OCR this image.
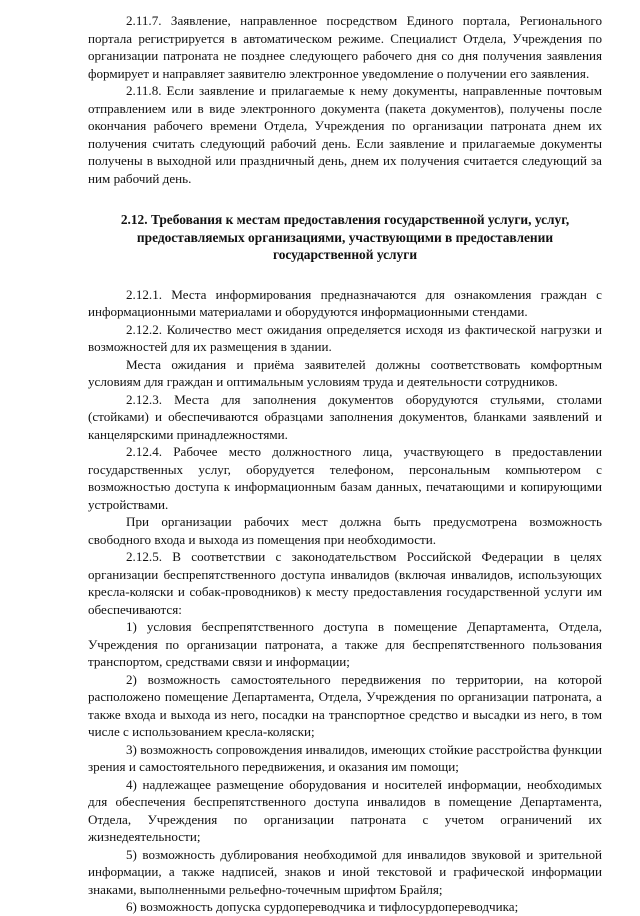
2.11.7. Заявление, направленное посредством Единого портала, Регионального портала регистрируется в автоматическом режиме. Специалист Отдела, Учреждения по организации патроната не позднее следующего рабочего дня со дня получения заявления формирует и направляет заявителю электронное уведомление о получении его заявления.

2.11.8. Если заявление и прилагаемые к нему документы, направленные почтовым отправлением или в виде электронного документа (пакета документов), получены после окончания рабочего времени Отдела, Учреждения по организации патроната днем их получения считать следующий рабочий день. Если заявление и прилагаемые документы получены в выходной или праздничный день, днем их получения считается следующий за ним рабочий день.

2.12. Требования к местам предоставления государственной услуги, услуг, предоставляемых организациями, участвующими в предоставлении государственной услуги

2.12.1. Места информирования предназначаются для ознакомления граждан с информационными материалами и оборудуются информационными стендами.

2.12.2. Количество мест ожидания определяется исходя из фактической нагрузки и возможностей для их размещения в здании.

Места ожидания и приёма заявителей должны соответствовать комфортным условиям для граждан и оптимальным условиям труда и деятельности сотрудников.

2.12.3. Места для заполнения документов оборудуются стульями, столами (стойками) и обеспечиваются образцами заполнения документов, бланками заявлений и канцелярскими принадлежностями.

2.12.4. Рабочее место должностного лица, участвующего в предоставлении государственных услуг, оборудуется телефоном, персональным компьютером с возможностью доступа к информационным базам данных, печатающими и копирующими устройствами.

При организации рабочих мест должна быть предусмотрена возможность свободного входа и выхода из помещения при необходимости.

2.12.5. В соответствии с законодательством Российской Федерации в целях организации беспрепятственного доступа инвалидов (включая инвалидов, использующих кресла-коляски и собак-проводников) к месту предоставления государственной услуги им обеспечиваются:

1) условия беспрепятственного доступа в помещение Департамента, Отдела, Учреждения по организации патроната, а также для беспрепятственного пользования транспортом, средствами связи и информации;

2) возможность самостоятельного передвижения по территории, на которой расположено помещение Департамента, Отдела, Учреждения по организации патроната, а также входа и выхода из него, посадки на транспортное средство и высадки из него, в том числе с использованием кресла-коляски;

3) возможность сопровождения инвалидов, имеющих стойкие расстройства функции зрения и самостоятельного передвижения, и оказания им помощи;

4) надлежащее размещение оборудования и носителей информации, необходимых для обеспечения беспрепятственного доступа инвалидов в помещение Департамента, Отдела, Учреждения по организации патроната с учетом ограничений их жизнедеятельности;

5) возможность дублирования необходимой для инвалидов звуковой и зрительной информации, а также надписей, знаков и иной текстовой и графической информации знаками, выполненными рельефно-точечным шрифтом Брайля;

6) возможность допуска сурдопереводчика и тифлосурдопереводчика;
